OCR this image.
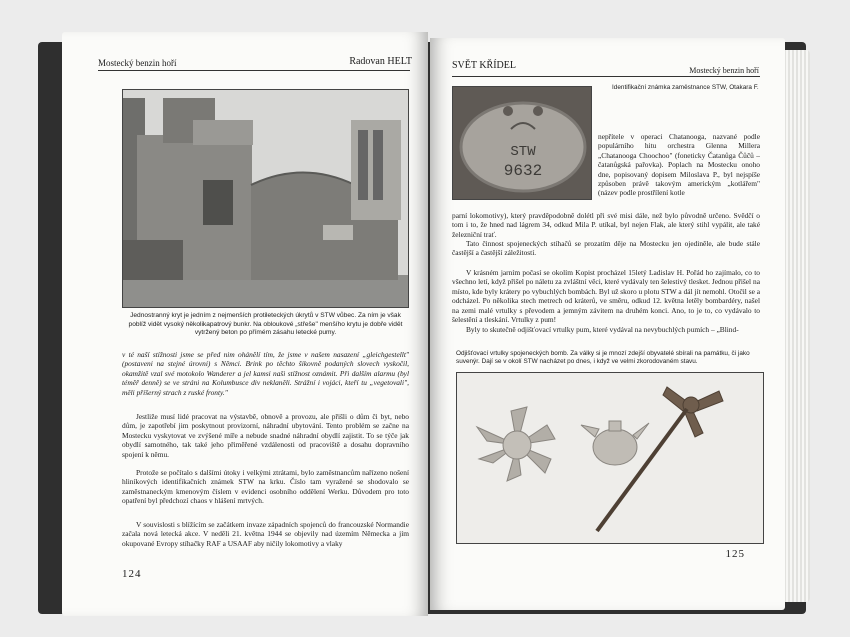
Mostecký benzin hoří	Radovan HELT
Jednostranný kryt je jedním z nejmenších protileteckých úkrytů v STW vůbec. Za ním je však poblíž vidět vysoký několikapatrový bunkr. Na obloukové „střeše" menšího krytu je dobře vidět vytržený beton po přímém zásahu letecké pumy.
v té naší stížnosti jsme se před nim ohánělí tím, že jsme v našem nasazení „gleichgestellt" (postaveni na stejné úrovni) s Němci. Brink po těchto šikovně podaných slovech vyskočil, okamžitě vzal své motokolo Wanderer a jel kamsi naši stížnost oznámit. Při dalším alarmu (byl téměř denně) se ve stráni na Kolumbusce div neklaněli. Strážní i vojáci, kteří tu „vegetovali", měli příšerný strach z ruské fronty."
Jestliže musí lidé pracovat na výstavbě, obnově a provozu, ale přišli o dům či byt, nebo dům, je zapotřebí jim poskytnout provizorní, náhradní ubytování. Tento problém se začne na Mostecku vyskytovat ve zvýšené míře a nebude snadné náhradní obydlí zajistit. To se týče jak obydlí samotného, tak také jeho přiměřené vzdálenosti od pracoviště a dosahu dopravního spojení k němu.
Protože se počítalo s dalšími útoky i velkými ztrátami, bylo zaměstnancům nařízeno nošení hliníkových identifikačních známek STW na krku. Číslo tam vyražené se shodovalo se zaměstnaneckým kmenovým číslem v evidenci osobního oddělení Werku. Důvodem pro toto opatření byl předchozí chaos v hlášení mrtvých.
V souvislosti s blížícím se začátkem invaze západních spojenců do francouzské Normandie začala nová letecká akce. V neděli 21. května 1944 se objevily nad územím Německa a jím okupované Evropy stíhačky RAF a USAAF aby ničily lokomotivy a vlaky
124
SVĚT KŘÍDEL	Mostecký benzin hoří
STW
9632
Identifikační známka zaměstnance STW, Otakara F.
nepřítele v operaci Chatanooga, nazvané podle populárního hitu orchestra Glenna Millera „Chatanooga Choochoo" (foneticky Čatanůga Čůčů – čatanůgská pařovka). Poplach na Mostecku onoho dne, popisovaný dopisem Miloslava P., byl nejspíše způsoben právě takovým americkým „kotlářem" (název podle prostřílení kotle
parní lokomotivy), který pravděpodobně dolétl při své misi dále, než bylo původně určeno. Svědčí o tom i to, že hned nad lágrem 34, odkud Mila P. utíkal, byl nejen Flak, ale který stihl vypálit, ale také železniční trať.
Tato činnost spojeneckých stíhačů se prozatím děje na Mostecku jen ojediněle, ale bude stále častější a častější záležitostí.
V krásném jarním počasí se okolím Kopist procházel 15letý Ladislav H. Pořád ho zajímalo, co to všechno letí, když přišel po náletu za zvláštní věci, které vydávaly ten šelestivý tlesket. Jednou přišel na místo, kde byly krátery po vybuchlých bombách. Byl už skoro u plotu STW a dál jít nemohl. Otočil se a odcházel. Po několika stech metrech od kráterů, ve směru, odkud 12. května letěly bombardéry, našel na zemi malé vrtulky s převodem a jemným závitem na druhém konci. Ano, to je to, co vydávalo to šelestění a tleskání. Vrtulky z pum!
Byly to skutečně odjišťovací vrtulky pum, které vydával na nevybuchlých pumích – „Blind-
Odjišťovací vrtulky spojeneckých bomb. Za války si je mnozí zdejší obyvatelé sbírali na památku, či jako suvenýr. Dají se v okolí STW nacházet po dnes, i když ve velmi zkorodovaném stavu.
125
